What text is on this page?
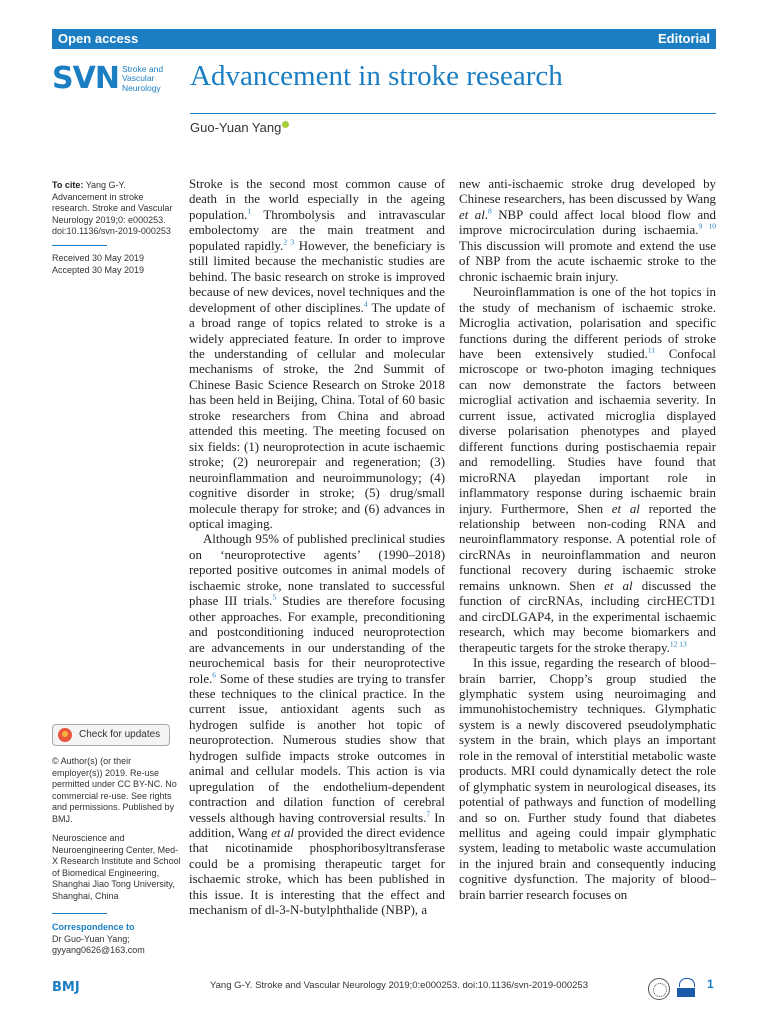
Open access	Editorial
SVN Stroke and
Vascular
Neurology Advancement in stroke research
Guo-Yuan Yang
To cite: Yang G-Y. Advancement in stroke research. Stroke and Vascular Neurology 2019;0: e000253. doi:10.1136/svn-2019-000253
Received 30 May 2019
Accepted 30 May 2019
Check for updates
© Author(s) (or their employer(s)) 2019. Re-use permitted under CC BY-NC. No commercial re-use. See rights and permissions. Published by BMJ.
Neuroscience and Neuroengineering Center, Med-X Research Institute and School of Biomedical Engineering, Shanghai Jiao Tong University, Shanghai, China
Correspondence to
Dr Guo-Yuan Yang;
gyyang0626@163.com

Stroke is the second most common cause of death in the world especially in the ageing population.$^1$ Thrombolysis and intravascular embolectomy are the main treatment and populated rapidly.$^{2 3}$ However, the beneficiary is still limited because the mechanistic studies are behind. The basic research on stroke is improved because of new devices, novel techniques and the development of other disciplines.$^4$ The update of a broad range of topics related to stroke is a widely appreciated feature. In order to improve the understanding of cellular and molecular mechanisms of stroke, the 2nd Summit of Chinese Basic Science Research on Stroke 2018 has been held in Beijing, China. Total of 60 basic stroke researchers from China and abroad attended this meeting. The meeting focused on six fields: (1) neuroprotection in acute ischaemic stroke; (2) neurorepair and regeneration; (3) neuroinflammation and neuroimmunology; (4) cognitive disorder in stroke; (5) drug/small molecule therapy for stroke; and (6) advances in optical imaging.

Although 95% of published preclinical studies on ‘neuroprotective agents’ (1990–2018) reported positive outcomes in animal models of ischaemic stroke, none translated to successful phase III trials.$^5$ Studies are therefore focusing other approaches. For example, preconditioning and postconditioning induced neuroprotection are advancements in our understanding of the neurochemical basis for their neuroprotective role.$^6$ Some of these studies are trying to transfer these techniques to the clinical practice. In the current issue, antioxidant agents such as hydrogen sulfide is another hot topic of neuroprotection. Numerous studies show that hydrogen sulfide impacts stroke outcomes in animal and cellular models. This action is via upregulation of the endothelium-dependent contraction and dilation function of cerebral vessels although having controversial results.$^7$ In addition, Wang et al provided the direct evidence that nicotinamide phosphoribosyltransferase could be a promising therapeutic target for ischaemic stroke, which has been published in this issue. It is interesting that the effect and mechanism of dl-3-N-butylphthalide (NBP), a

new anti-ischaemic stroke drug developed by Chinese researchers, has been discussed by Wang et al.$^8$ NBP could affect local blood flow and improve microcirculation during ischaemia.$^{9 10}$ This discussion will promote and extend the use of NBP from the acute ischaemic stroke to the chronic ischaemic brain injury.

Neuroinflammation is one of the hot topics in the study of mechanism of ischaemic stroke. Microglia activation, polarisation and specific functions during the different periods of stroke have been extensively studied.$^{11}$ Confocal microscope or two-photon imaging techniques can now demonstrate the factors between microglial activation and ischaemia severity. In current issue, activated microglia displayed diverse polarisation phenotypes and played different functions during postischaemia repair and remodelling. Studies have found that microRNA playedan important role in inflammatory response during ischaemic brain injury. Furthermore, Shen et al reported the relationship between non-coding RNA and neuroinflammatory response. A potential role of circRNAs in neuroinflammation and neuron functional recovery during ischaemic stroke remains unknown. Shen et al discussed the function of circRNAs, including circHECTD1 and circDLGAP4, in the experimental ischaemic research, which may become biomarkers and therapeutic targets for the stroke therapy.$^{12 13}$

In this issue, regarding the research of blood–brain barrier, Chopp’s group studied the glymphatic system using neuroimaging and immunohistochemistry techniques. Glymphatic system is a newly discovered pseudolymphatic system in the brain, which plays an important role in the removal of interstitial metabolic waste products. MRI could dynamically detect the role of glymphatic system in neurological diseases, its potential of pathways and function of modelling and so on. Further study found that diabetes mellitus and ageing could impair glymphatic system, leading to metabolic waste accumulation in the injured brain and consequently inducing cognitive dysfunction. The majority of blood–brain barrier research focuses on

BMJ	Yang G-Y. Stroke and Vascular Neurology 2019;0:e000253. doi:10.1136/svn-2019-000253	1
